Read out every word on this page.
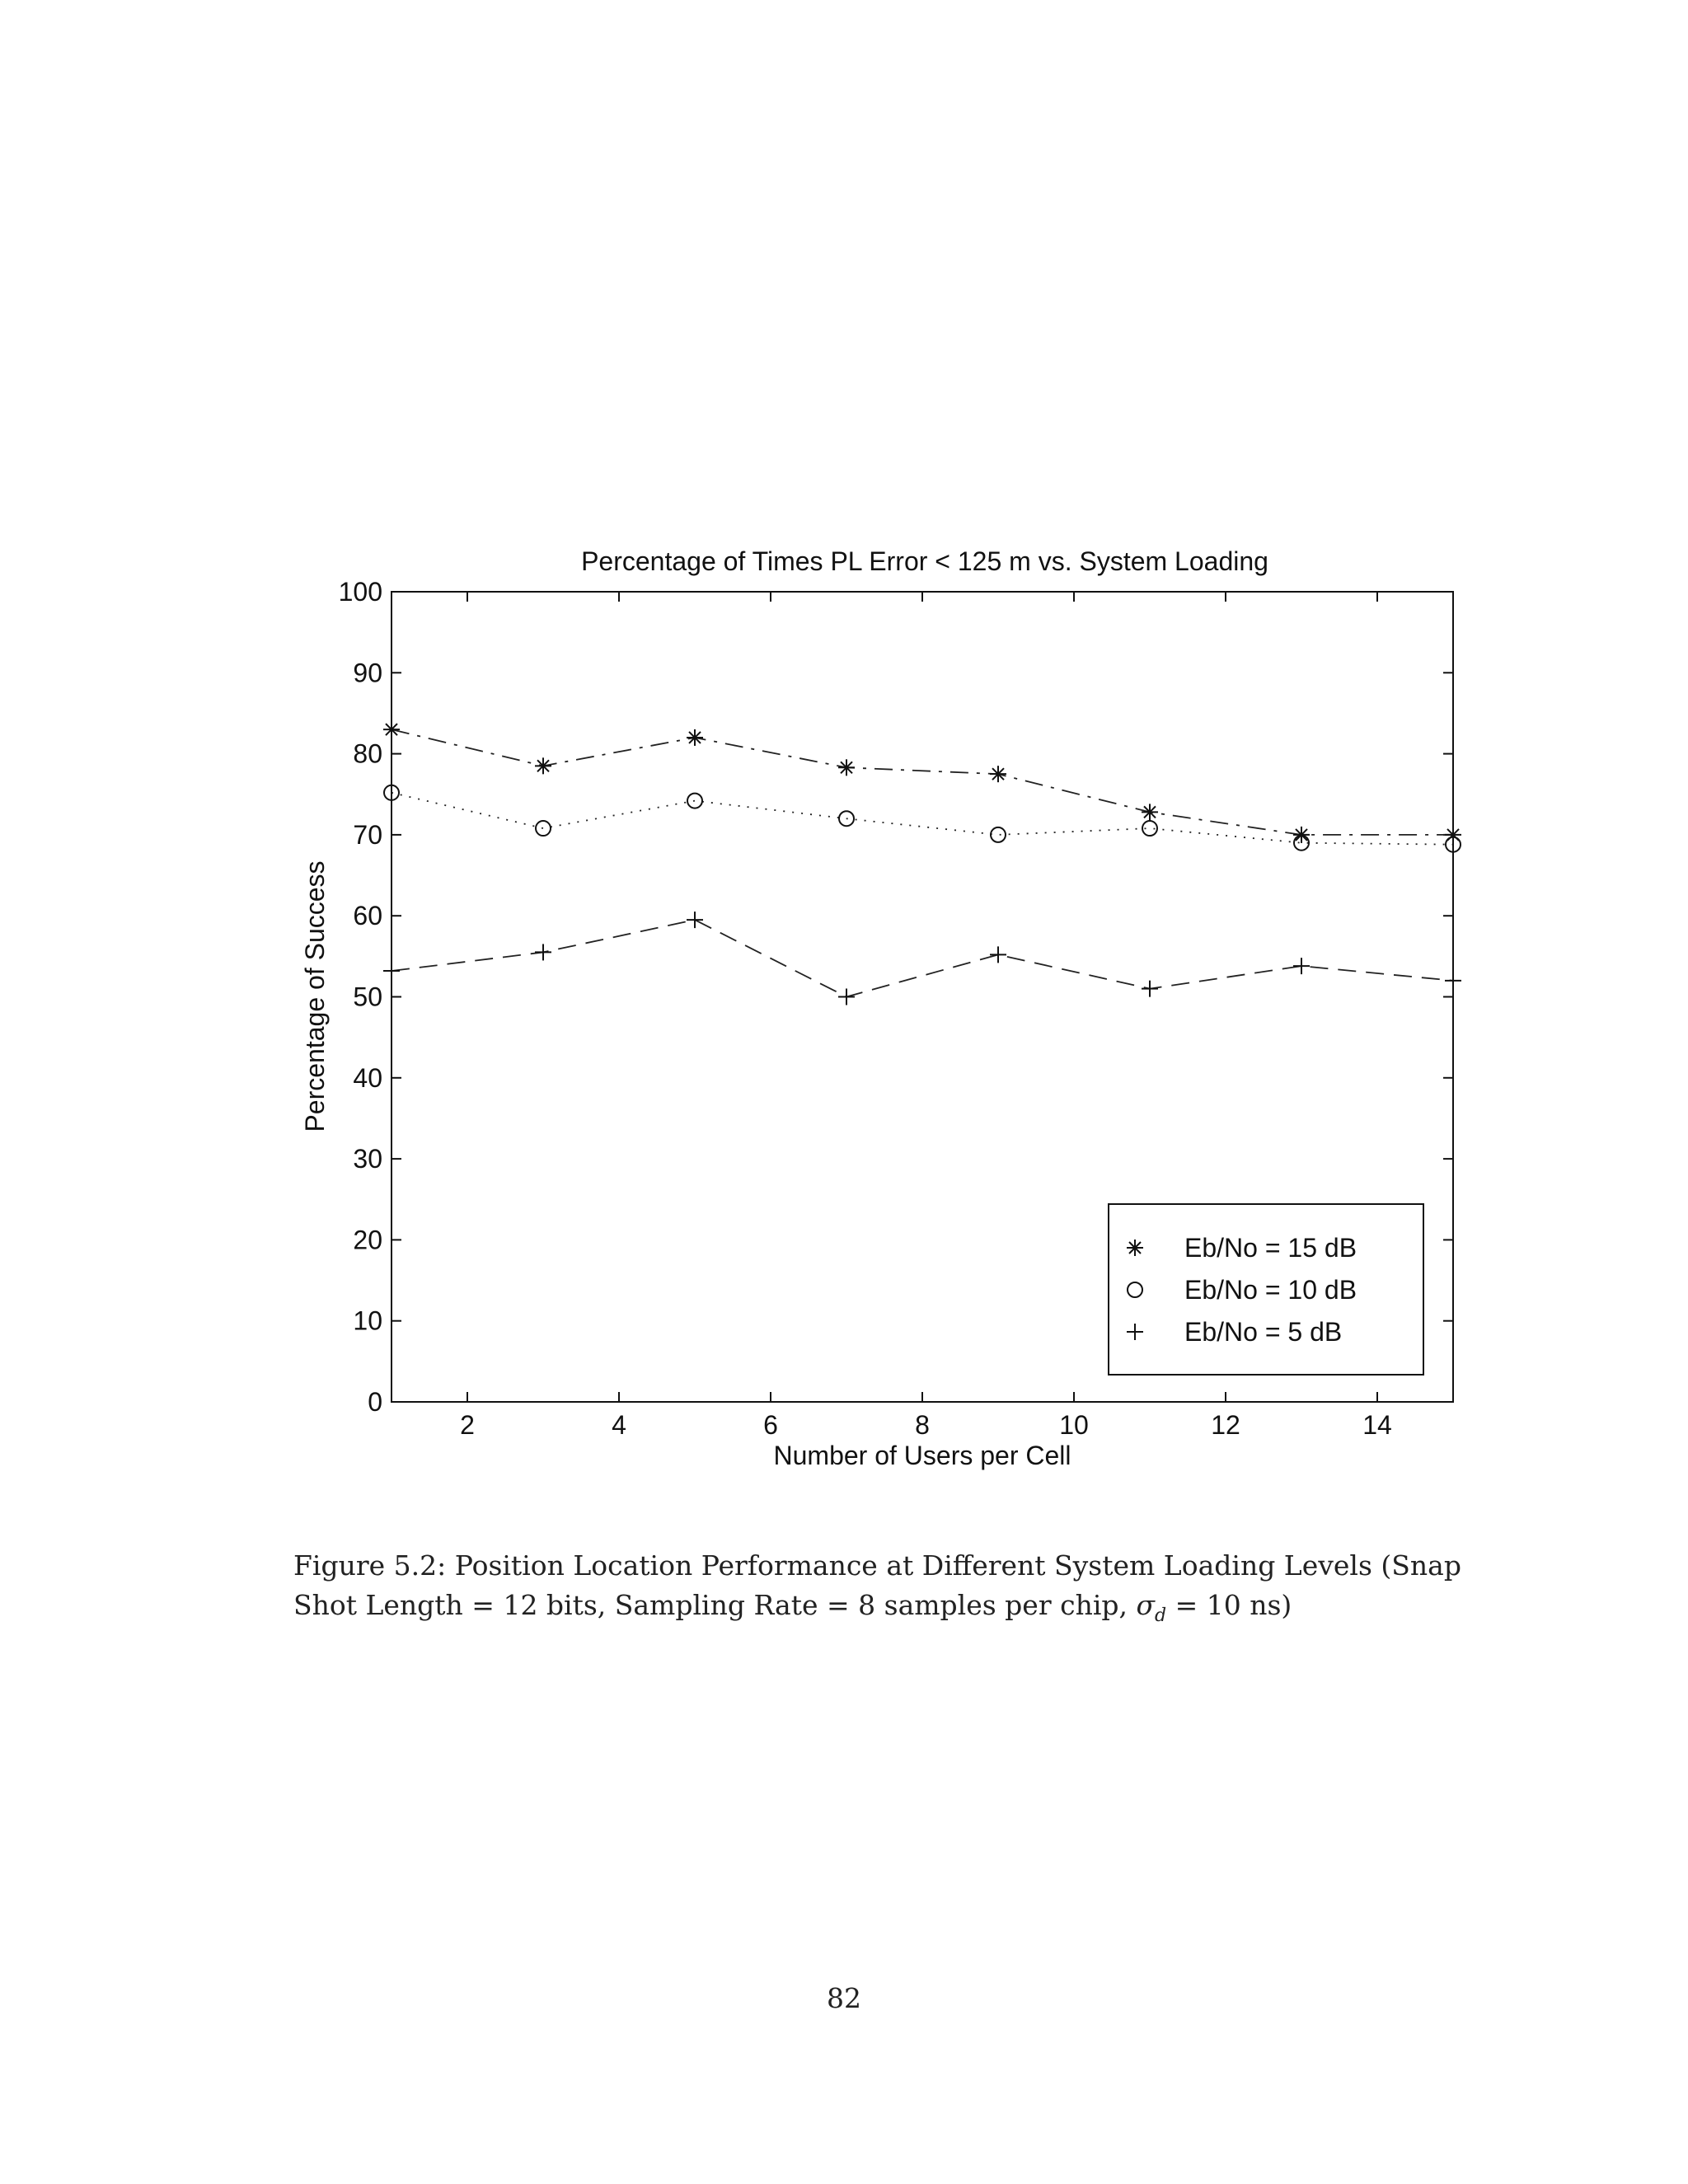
Percentage of Times PL Error < 125 m vs. System Loading
2	4	6	8	10	12	14
0
10
20
30
40
50
60
70
80
90
100
Number of Users per Cell
Percentage of Success
Eb/No = 15 dB
Eb/No = 10 dB
Eb/No = 5 dB
Figure 5.2: Position Location Performance at Different System Loading Levels (Snap Shot Length = 12 bits, Sampling Rate = 8 samples per chip, $\sigma_d = 10$ ns)
82
